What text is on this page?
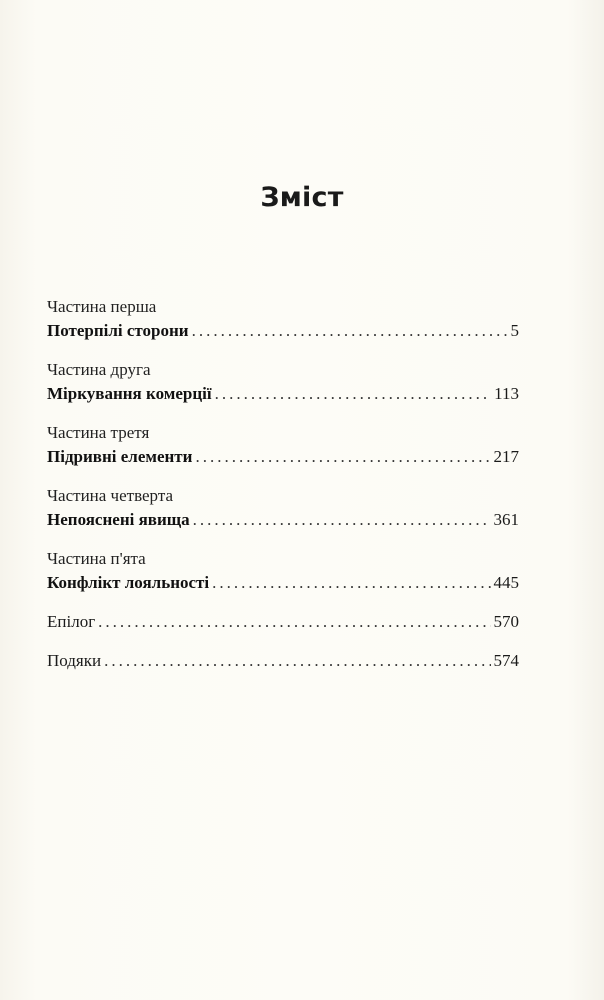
Зміст
Частина перша
Потерпілі сторони .....	5
Частина друга
Міркування комерції .....	113
Частина третя
Підривні елементи .....	217
Частина четверта
Непояснені явища .....	361
Частина п'ята
Конфлікт лояльності .....	445
Епілог .....	570
Подяки .....	574
